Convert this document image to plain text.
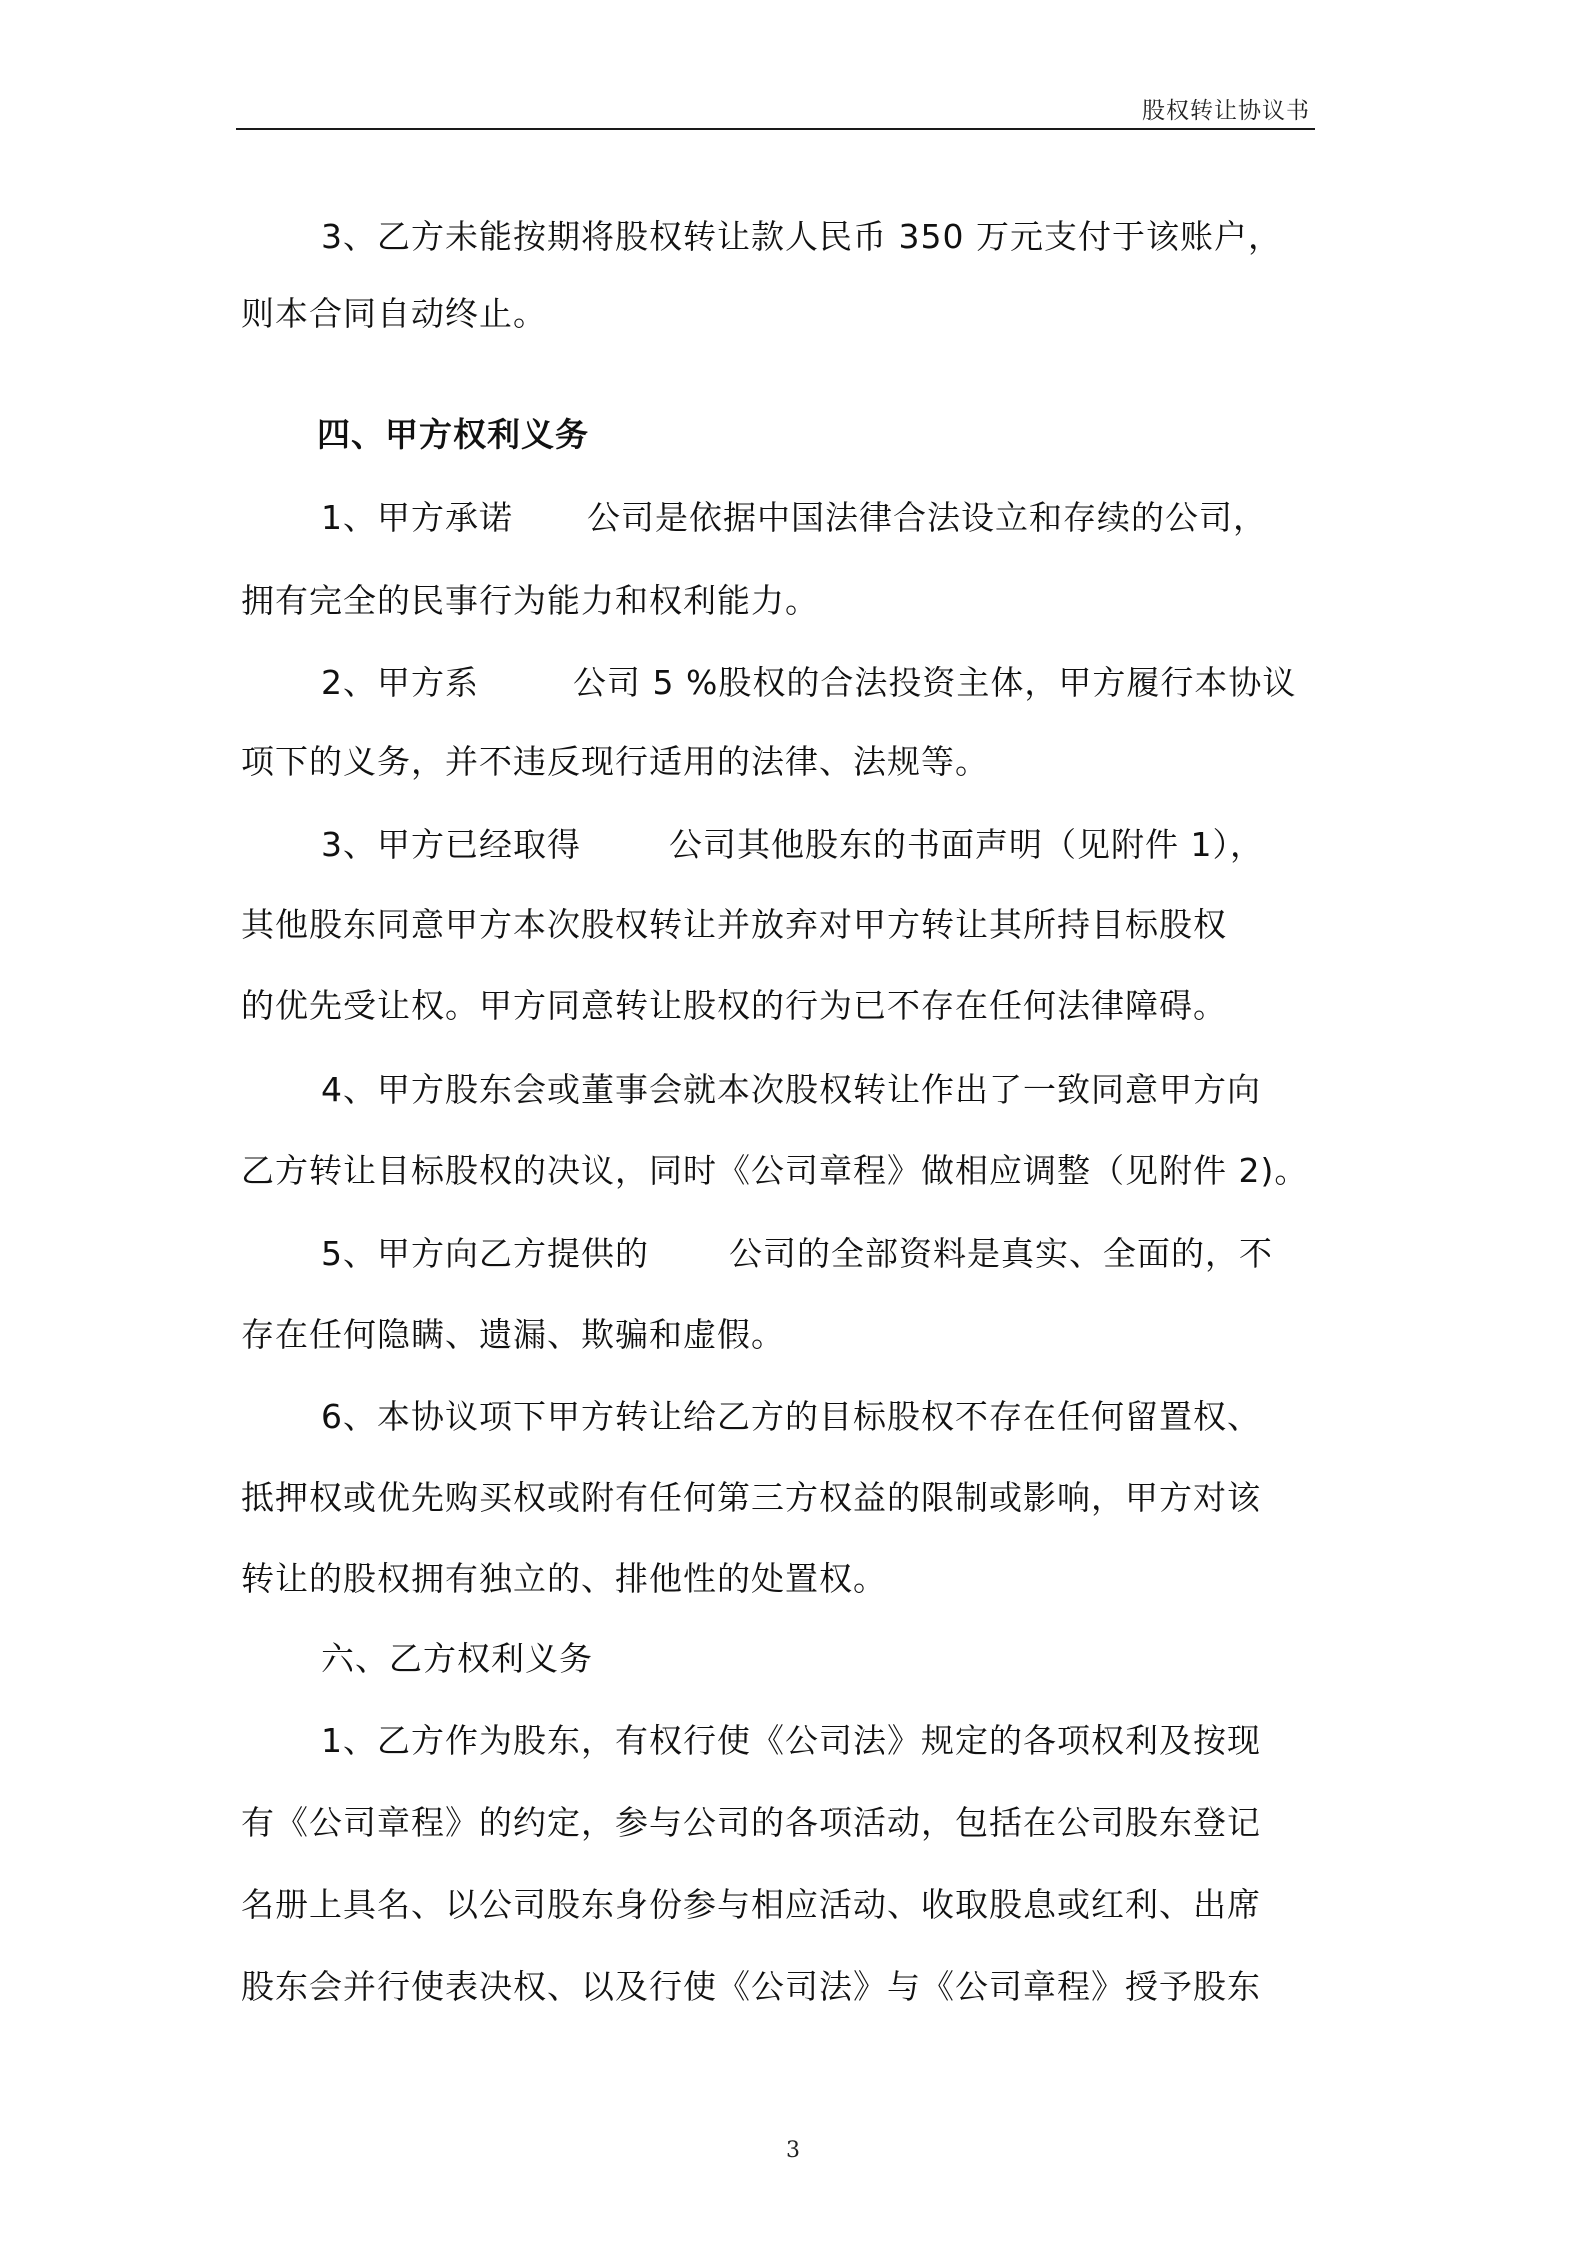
股权转让协议书
3、乙方未能按期将股权转让款人民币 350 万元支付于该账户，
则本合同自动终止。
四、甲方权利义务
1、甲方承诺 公司是依据中国法律合法设立和存续的公司，
拥有完全的民事行为能力和权利能力。
2、甲方系	公司 5 %股权的合法投资主体，甲方履行本协议
项下的义务，并不违反现行适用的法律、法规等。
3、甲方已经取得	公司其他股东的书面声明（见附件 1），
其他股东同意甲方本次股权转让并放弃对甲方转让其所持目标股权
的优先受让权。甲方同意转让股权的行为已不存在任何法律障碍。
4、甲方股东会或董事会就本次股权转让作出了一致同意甲方向
乙方转让目标股权的决议，同时《公司章程》做相应调整（见附件 2)。
5、甲方向乙方提供的 公司的全部资料是真实、全面的，不
存在任何隐瞒、遗漏、欺骗和虚假。
6、本协议项下甲方转让给乙方的目标股权不存在任何留置权、
抵押权或优先购买权或附有任何第三方权益的限制或影响，甲方对该
转让的股权拥有独立的、排他性的处置权。
六、乙方权利义务
1、乙方作为股东，有权行使《公司法》规定的各项权利及按现
有《公司章程》的约定，参与公司的各项活动，包括在公司股东登记
名册上具名、以公司股东身份参与相应活动、收取股息或红利、出席
股东会并行使表决权、以及行使《公司法》与《公司章程》授予股东
3
